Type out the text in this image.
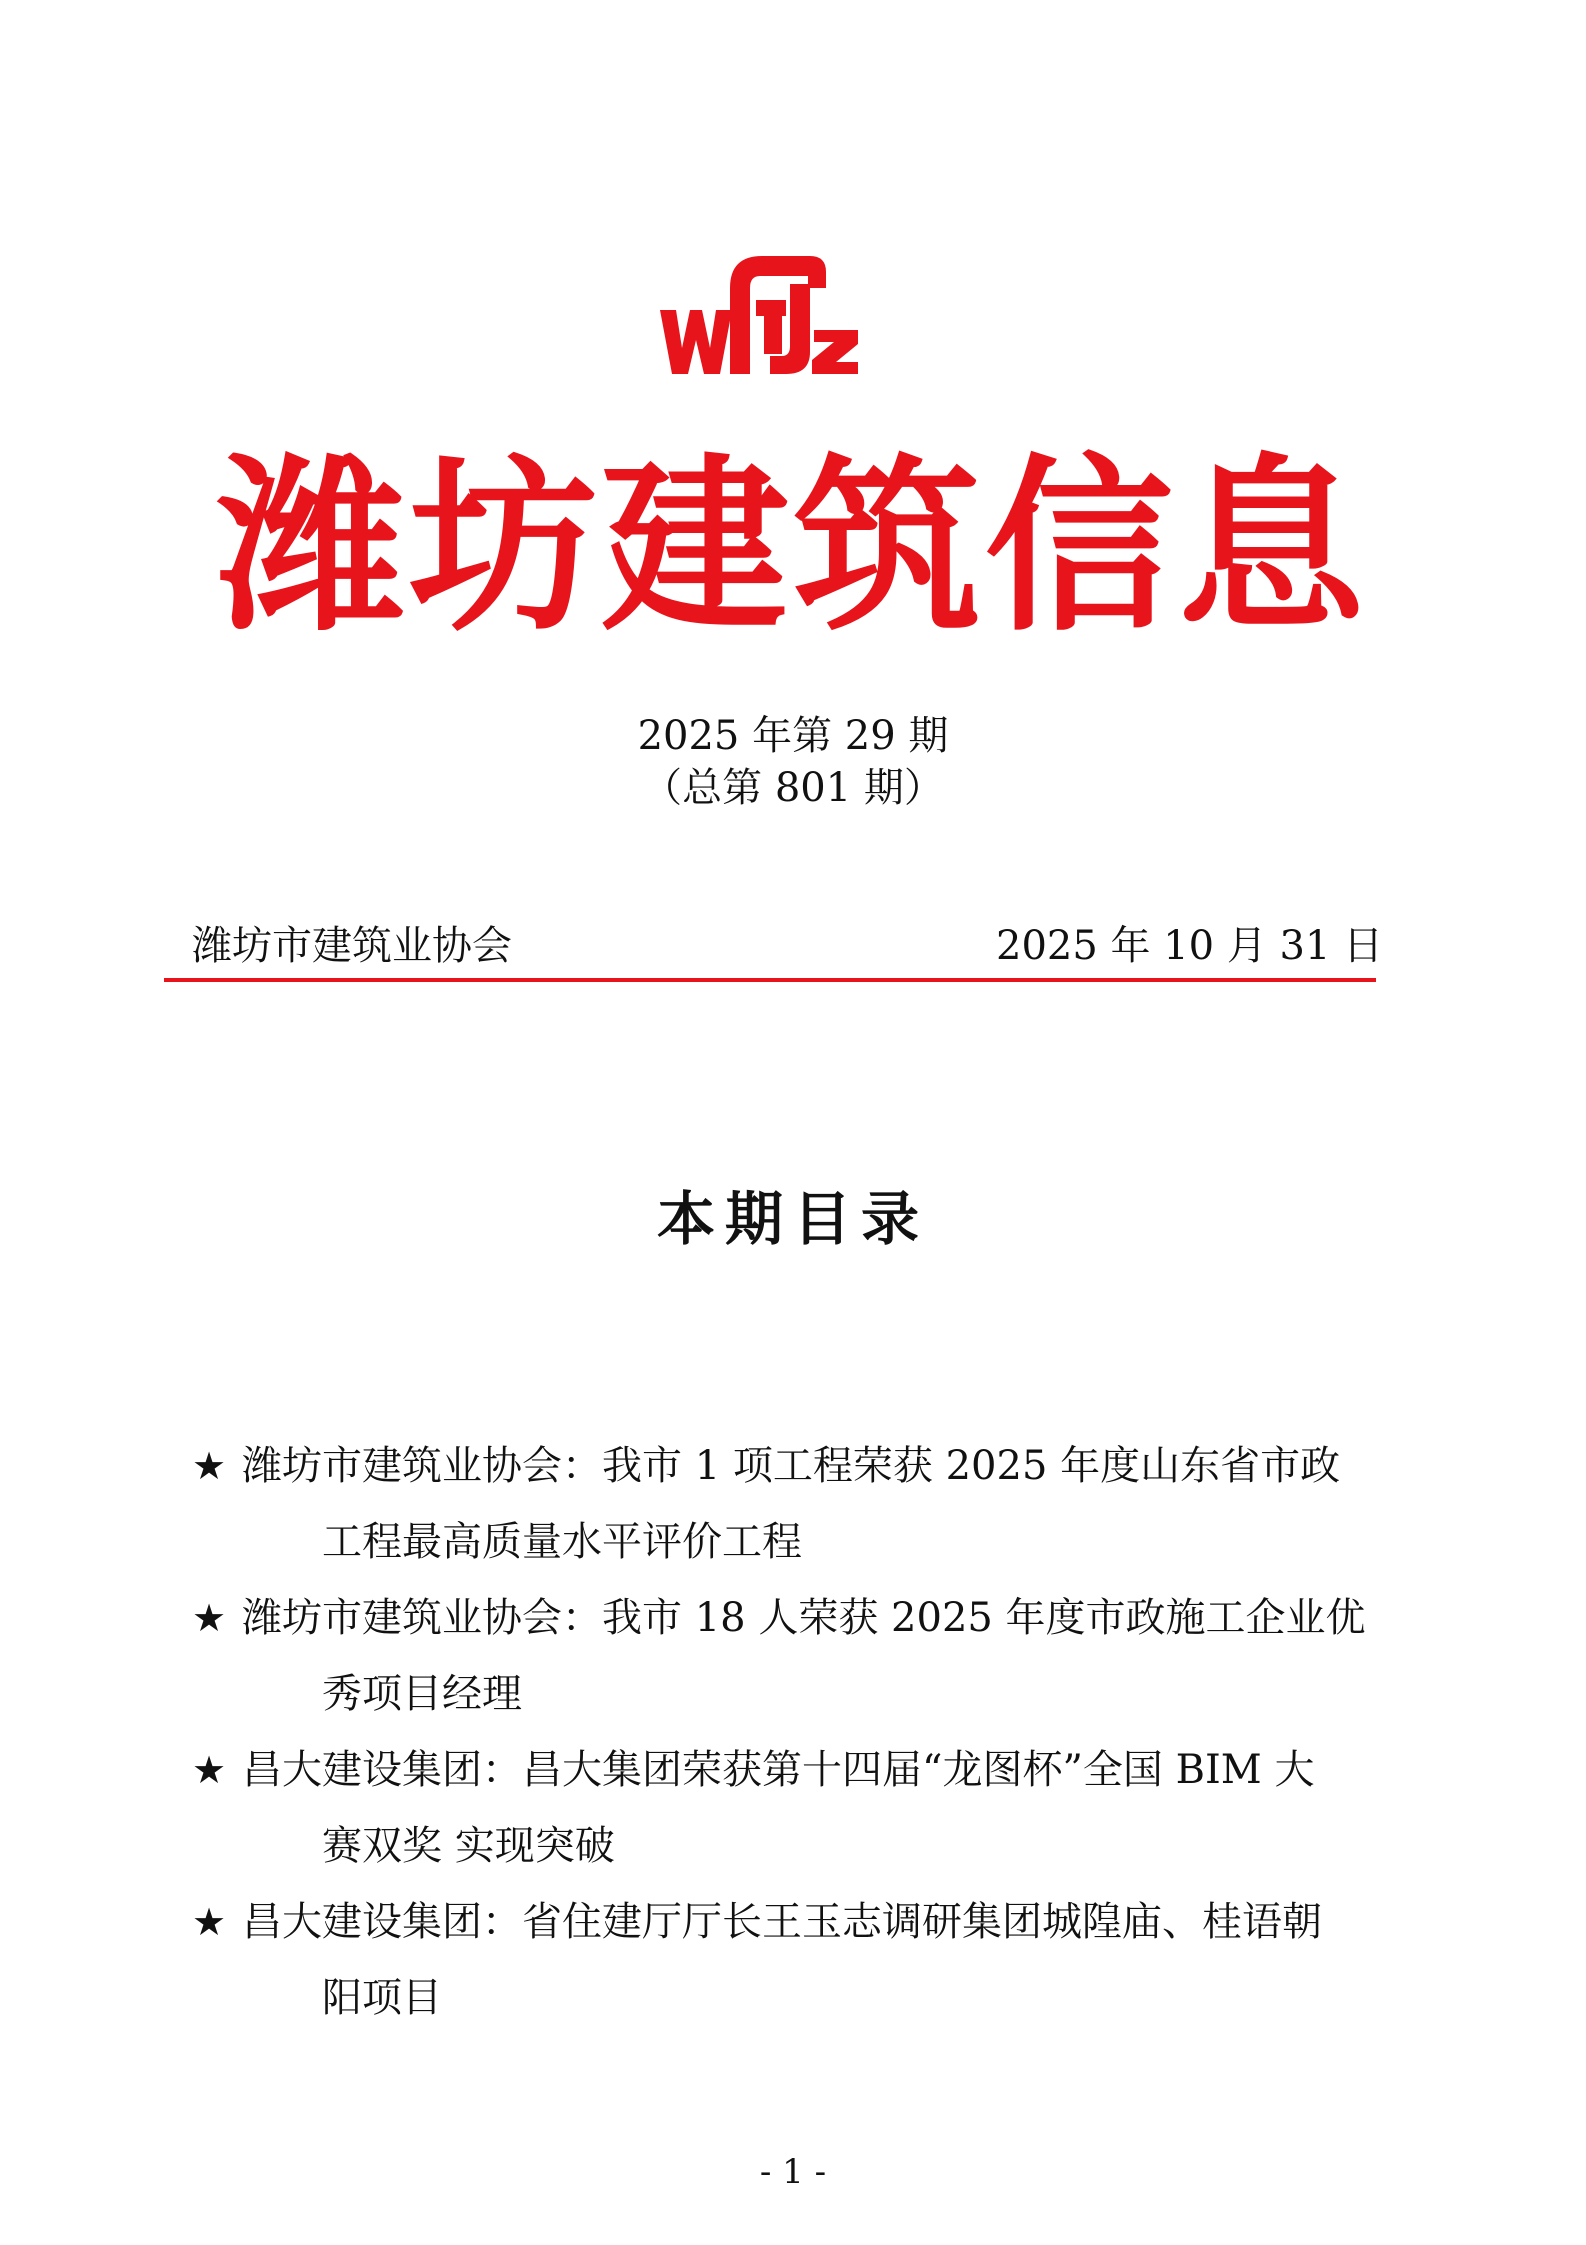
潍坊建筑信息
2025 年第 29 期
（总第 801 期）
潍坊市建筑业协会	2025 年 10 月 31 日
本期目录
★ 潍坊市建筑业协会：我市 1 项工程荣获 2025 年度山东省市政
工程最高质量水平评价工程
★ 潍坊市建筑业协会：我市 18 人荣获 2025 年度市政施工企业优
秀项目经理
★ 昌大建设集团：昌大集团荣获第十四届“龙图杯”全国 BIM 大
赛双奖 实现突破
★ 昌大建设集团：省住建厅厅长王玉志调研集团城隍庙、桂语朝
阳项目
- 1 -
